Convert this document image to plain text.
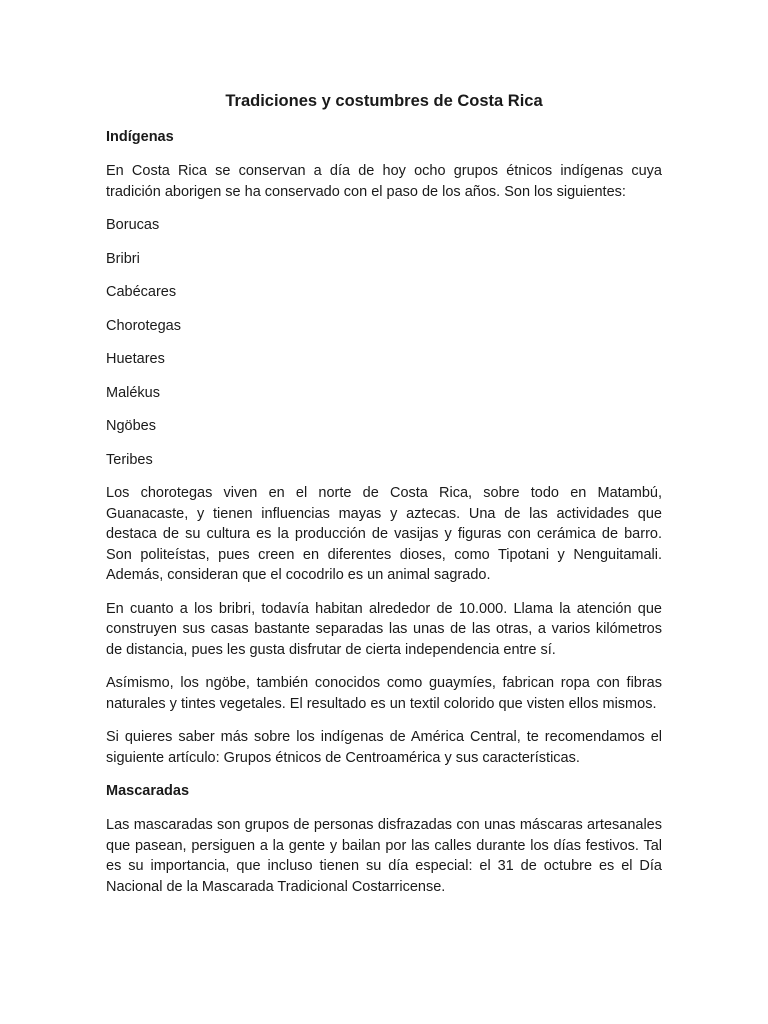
Tradiciones y costumbres de Costa Rica
Indígenas

En Costa Rica se conservan a día de hoy ocho grupos étnicos indígenas cuya tradición aborigen se ha conservado con el paso de los años. Son los siguientes:

Borucas
Bribri
Cabécares
Chorotegas
Huetares
Malékus
Ngöbes
Teribes

Los chorotegas viven en el norte de Costa Rica, sobre todo en Matambú, Guanacaste, y tienen influencias mayas y aztecas. Una de las actividades que destaca de su cultura es la producción de vasijas y figuras con cerámica de barro. Son politeístas, pues creen en diferentes dioses, como Tipotani y Nenguitamali. Además, consideran que el cocodrilo es un animal sagrado.

En cuanto a los bribri, todavía habitan alrededor de 10.000. Llama la atención que construyen sus casas bastante separadas las unas de las otras, a varios kilómetros de distancia, pues les gusta disfrutar de cierta independencia entre sí.

Asímismo, los ngöbe, también conocidos como guaymíes, fabrican ropa con fibras naturales y tintes vegetales. El resultado es un textil colorido que visten ellos mismos.

Si quieres saber más sobre los indígenas de América Central, te recomendamos el siguiente artículo: Grupos étnicos de Centroamérica y sus características.

Mascaradas

Las mascaradas son grupos de personas disfrazadas con unas máscaras artesanales que pasean, persiguen a la gente y bailan por las calles durante los días festivos. Tal es su importancia, que incluso tienen su día especial: el 31 de octubre es el Día Nacional de la Mascarada Tradicional Costarricense.
